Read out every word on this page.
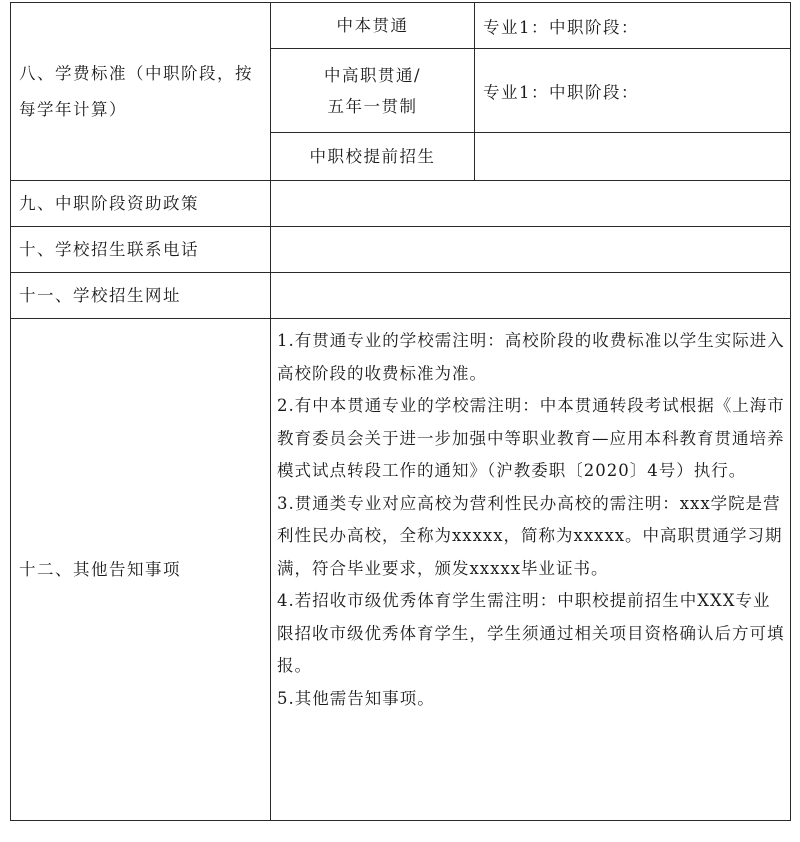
八、学费标准（中职阶段，按每学年计算）	中本贯通	专业1：中职阶段：

	中高职贯通/
五年一贯制	专业1：中职阶段：
	中职校提前招生	
九、中职阶段资助政策		
十、学校招生联系电话		
十一、学校招生网址		
十二、其他告知事项	1.有贯通专业的学校需注明：高校阶段的收费标准以学生实际进入高校阶段的收费标准为准。

2.有中本贯通专业的学校需注明：中本贯通转段考试根据《上海市教育委员会关于进一步加强中等职业教育—应用本科教育贯通培养模式试点转段工作的通知》（沪教委职〔2020〕4号）执行。

3.贯通类专业对应高校为营利性民办高校的需注明：xxx学院是营利性民办高校，全称为xxxxx，简称为xxxxx。中高职贯通学习期满，符合毕业要求，颁发xxxxx毕业证书。

4.若招收市级优秀体育学生需注明：中职校提前招生中XXX专业限招收市级优秀体育学生，学生须通过相关项目资格确认后方可填报。

5.其他需告知事项。	
